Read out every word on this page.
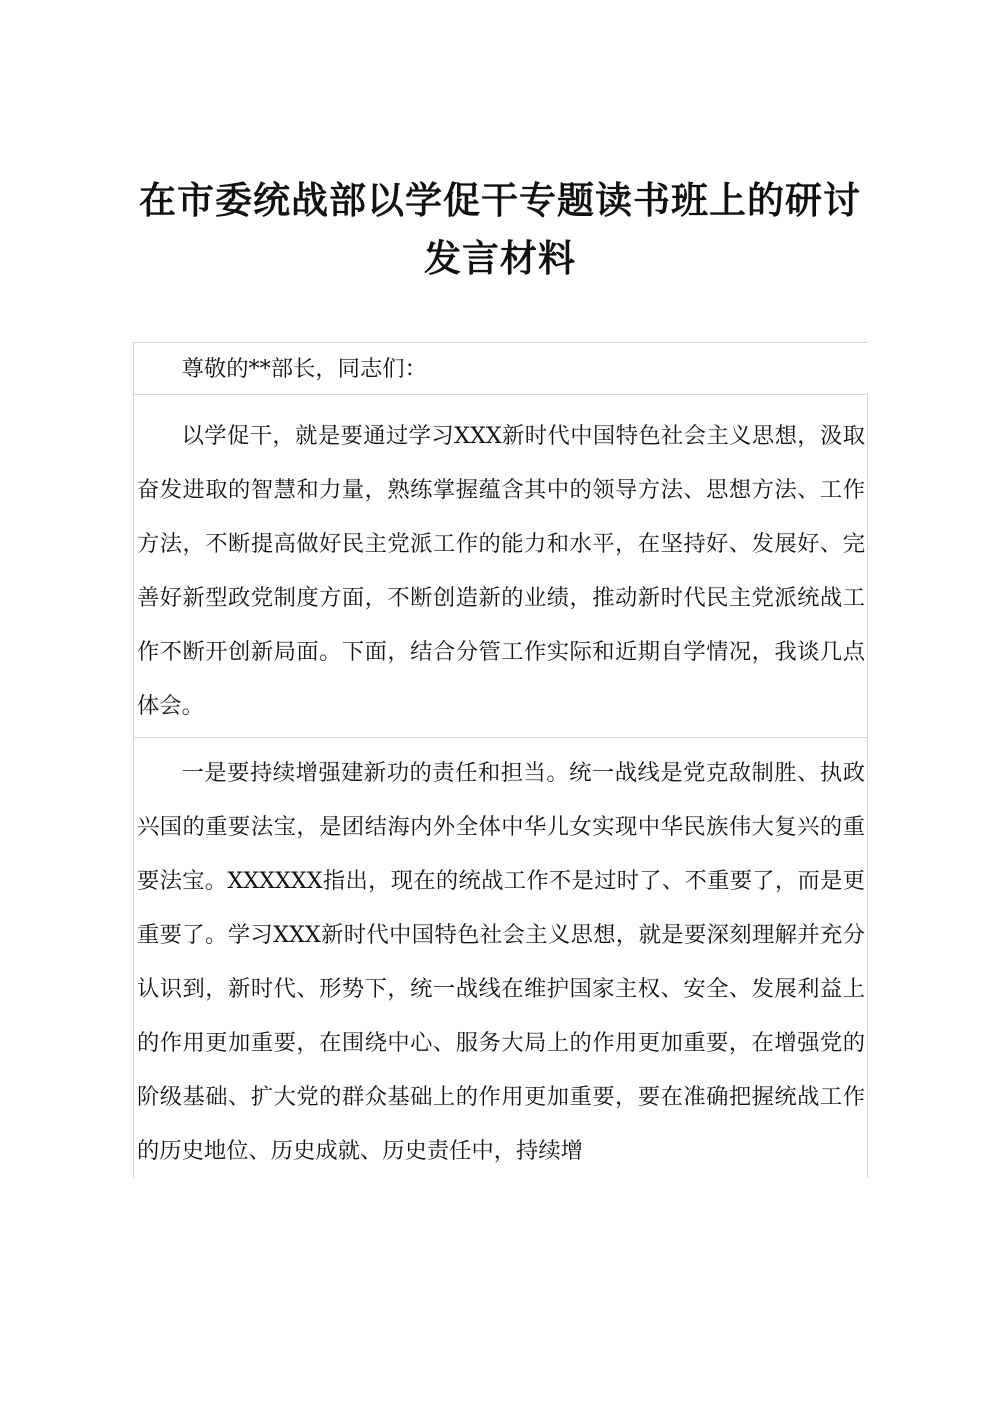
在市委统战部以学促干专题读书班上的研讨发言材料

尊敬的**部长，同志们：

以学促干，就是要通过学习XXX新时代中国特色社会主义思想，汲取奋发进取的智慧和力量，熟练掌握蕴含其中的领导方法、思想方法、工作方法，不断提高做好民主党派工作的能力和水平，在坚持好、发展好、完善好新型政党制度方面，不断创造新的业绩，推动新时代民主党派统战工作不断开创新局面。下面，结合分管工作实际和近期自学情况，我谈几点体会。

一是要持续增强建新功的责任和担当。统一战线是党克敌制胜、执政兴国的重要法宝，是团结海内外全体中华儿女实现中华民族伟大复兴的重要法宝。XXXXXX指出，现在的统战工作不是过时了、不重要了，而是更重要了。学习XXX新时代中国特色社会主义思想，就是要深刻理解并充分认识到，新时代、形势下，统一战线在维护国家主权、安全、发展利益上的作用更加重要，在围绕中心、服务大局上的作用更加重要，在增强党的阶级基础、扩大党的群众基础上的作用更加重要，要在准确把握统战工作的历史地位、历史成就、历史责任中，持续增
